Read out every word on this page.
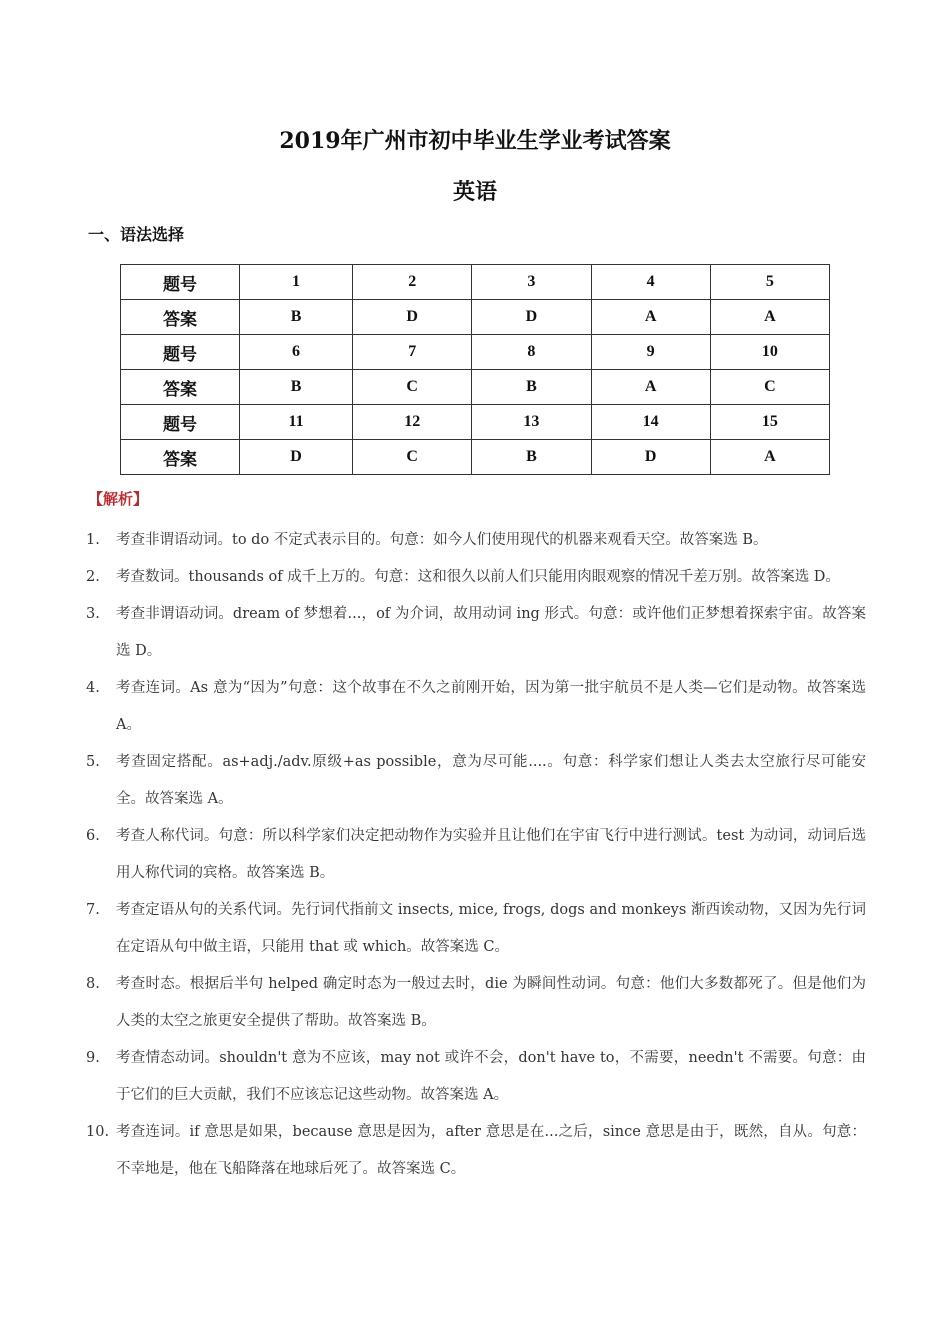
2019年广州市初中毕业生学业考试答案
英语
一、语法选择
题号	1	2	3	4	5
答案	B	D	D	A	A
题号	6	7	8	9	10
答案	B	C	B	A	C
题号	11	12	13	14	15
答案	D	C	B	D	A
【解析】
1.	考查非谓语动词。to do 不定式表示目的。句意：如今人们使用现代的机器来观看天空。故答案选 B。
2.	考查数词。thousands of 成千上万的。句意：这和很久以前人们只能用肉眼观察的情况千差万别。故答案选 D。
3.	考查非谓语动词。dream of 梦想着...，of 为介词，故用动词 ing 形式。句意：或许他们正梦想着探索宇宙。故答案选 D。
4.	考查连词。As 意为“因为”句意：这个故事在不久之前刚开始，因为第一批宇航员不是人类—它们是动物。故答案选 A。
5.	考查固定搭配。as+adj./adv.原级+as possible，意为尽可能....。句意：科学家们想让人类去太空旅行尽可能安全。故答案选 A。
6.	考查人称代词。句意：所以科学家们决定把动物作为实验并且让他们在宇宙飞行中进行测试。test 为动词，动词后选用人称代词的宾格。故答案选 B。
7.	考查定语从句的关系代词。先行词代指前文 insects, mice, frogs, dogs and monkeys 渐西诶动物，又因为先行词在定语从句中做主语，只能用 that 或 which。故答案选 C。
8.	考查时态。根据后半句 helped 确定时态为一般过去时，die 为瞬间性动词。句意：他们大多数都死了。但是他们为人类的太空之旅更安全提供了帮助。故答案选 B。
9.	考查情态动词。shouldn't 意为不应该，may not 或许不会，don't have to，不需要，needn't 不需要。句意：由于它们的巨大贡献，我们不应该忘记这些动物。故答案选 A。
10. 考查连词。if 意思是如果，because 意思是因为，after 意思是在...之后，since 意思是由于，既然，自从。句意：不幸地是，他在飞船降落在地球后死了。故答案选 C。
